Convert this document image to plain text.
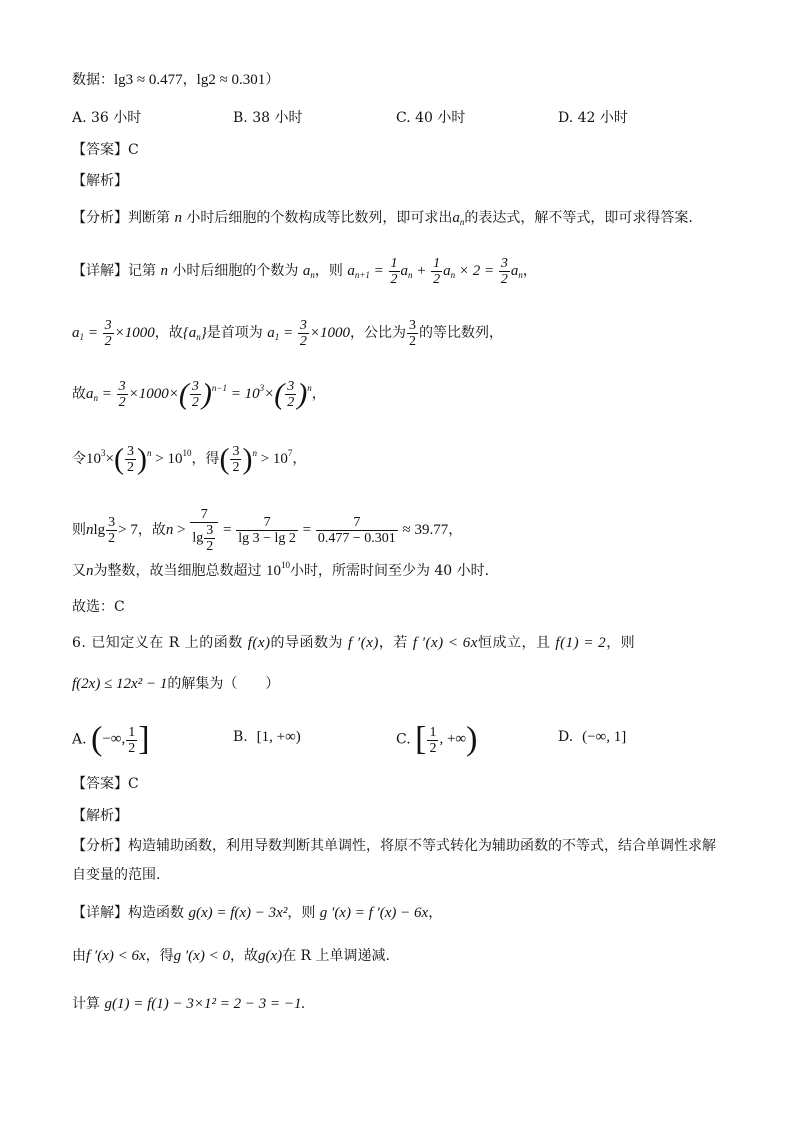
数据：lg3 ≈ 0.477，lg2 ≈ 0.301）
A. 36 小时	B. 38 小时	C. 40 小时	D. 42 小时
【答案】C
【解析】
【分析】判断第 n 小时后细胞的个数构成等比数列，即可求出$a_n$的表达式，解不等式，即可求得答案.
【详解】记第 n 小时后细胞的个数为 $a_n$，则 $a_{n+1} = \frac{1}{2} a_n + \frac{1}{2} a_n \times 2 = \frac{3}{2} a_n$，
$a_1 = \frac{3}{2} \times 1000$，故$\{a_n\}$是首项为 $a_1 = \frac{3}{2} \times 1000$，公比为 $\frac{3}{2}$ 的等比数列，
故$a_n = \frac{3}{2} \times 1000\times( \frac{3}{2} )^{n-1} = 10^3\times( \frac{3}{2} )^n$，
令$10^3\times( \frac{3}{2} )^n > 10^{10}$，得( $\frac{3}{2} )^n > 10^7$，
则nlg $\frac{3}{2} > 7$，故$n > \frac{7}{\lg \frac{3}{2}} = \frac{7}{\lg 3 - \lg 2} = \frac{7}{0.477 - 0.301} \approx 39.77$，
又n为整数，故当细胞总数超过 $10^{10}$小时，所需时间至少为 40 小时.
故选：C
6. 已知定义在 R 上的函数 f(x)的导函数为 f ′(x)，若 f ′(x) < 6x恒成立，且 f(1) = 2，则
f(2x) ≤ 12x² − 1的解集为（　　）
A. (−∞, $\frac{1}{2}$ ]	B. [1, +∞)	C. [ $\frac{1}{2}$ , +∞)	D. (−∞, 1]
【答案】C
【解析】
【分析】构造辅助函数，利用导数判断其单调性，将原不等式转化为辅助函数的不等式，结合单调性求解
自变量的范围.
【详解】构造函数 g(x) = f(x) − 3x²，则 g ′(x) = f ′(x) − 6x，
由f ′(x) < 6x，得g ′(x) < 0，故g(x)在 R 上单调递减.
计算 g(1) = f(1) − 3×1² = 2 − 3 = −1.
